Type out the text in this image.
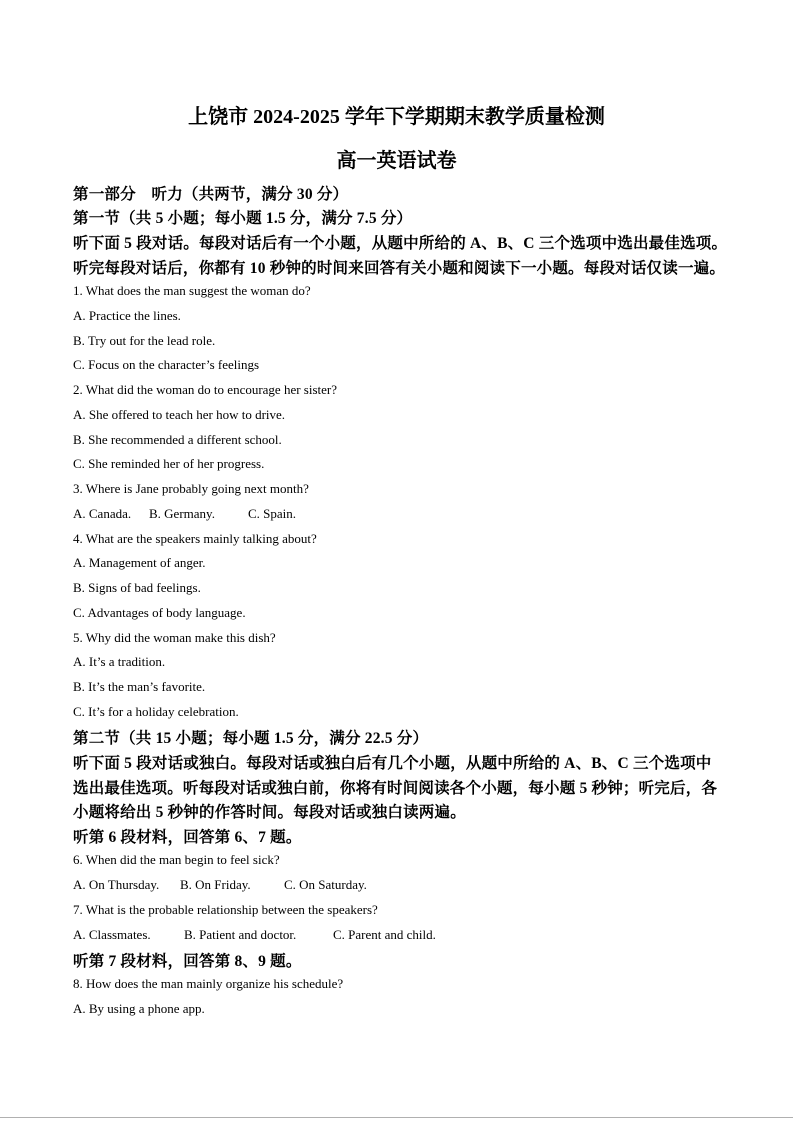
上饶市 2024-2025 学年下学期期末教学质量检测
高一英语试卷
第一部分　听力（共两节，满分 30 分）
第一节（共 5 小题；每小题 1.5 分，满分 7.5 分）
听下面 5 段对话。每段对话后有一个小题，从题中所给的 A、B、C 三个选项中选出最佳选项。
听完每段对话后，你都有 10 秒钟的时间来回答有关小题和阅读下一小题。每段对话仅读一遍。
1. What does the man suggest the woman do?
A. Practice the lines.
B. Try out for the lead role.
C. Focus on the character’s feelings
2. What did the woman do to encourage her sister?
A. She offered to teach her how to drive.
B. She recommended a different school.
C. She reminded her of her progress.
3. Where is Jane probably going next month?
A. Canada. B. Germany.	C. Spain.
4. What are the speakers mainly talking about?
A. Management of anger.
B. Signs of bad feelings.
C. Advantages of body language.
5. Why did the woman make this dish?
A. It’s a tradition.
B. It’s the man’s favorite.
C. It’s for a holiday celebration.
第二节（共 15 小题；每小题 1.5 分，满分 22.5 分）
听下面 5 段对话或独白。每段对话或独白后有几个小题，从题中所给的 A、B、C 三个选项中
选出最佳选项。听每段对话或独白前，你将有时间阅读各个小题，每小题 5 秒钟；听完后，各
小题将给出 5 秒钟的作答时间。每段对话或独白读两遍。
听第 6 段材料，回答第 6、7 题。
6. When did the man begin to feel sick?
A. On Thursday. B. On Friday.	C. On Saturday.
7. What is the probable relationship between the speakers?
A. Classmates.	B. Patient and doctor.	C. Parent and child.
听第 7 段材料，回答第 8、9 题。
8. How does the man mainly organize his schedule?
A. By using a phone app.
